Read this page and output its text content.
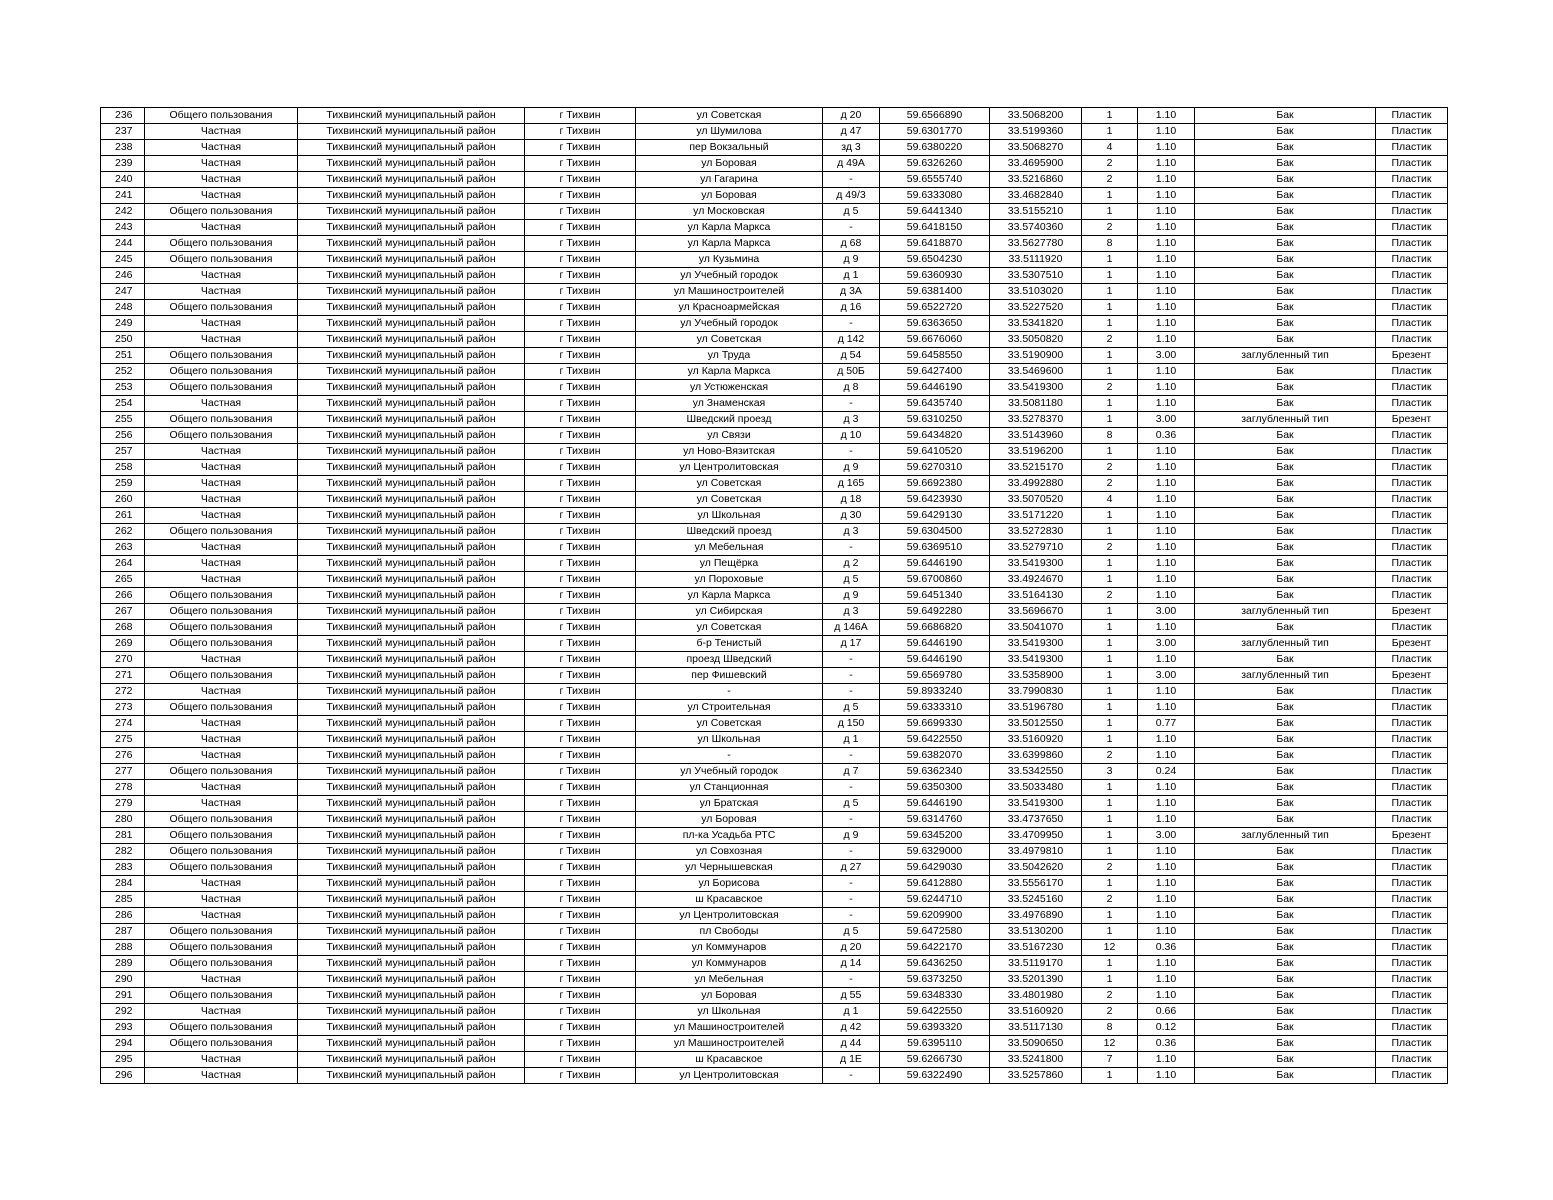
236	Общего пользования	Тихвинский муниципальный район	г Тихвин	ул Советская	д 20	59.6566890	33.5068200	1	1.10	Бак	Пластик
237	Частная	Тихвинский муниципальный район	г Тихвин	ул Шумилова	д 47	59.6301770	33.5199360	1	1.10	Бак	Пластик
238	Частная	Тихвинский муниципальный район	г Тихвин	пер Вокзальный	зд 3	59.6380220	33.5068270	4	1.10	Бак	Пластик
239	Частная	Тихвинский муниципальный район	г Тихвин	ул Боровая	д 49А	59.6326260	33.4695900	2	1.10	Бак	Пластик
240	Частная	Тихвинский муниципальный район	г Тихвин	ул Гагарина	-	59.6555740	33.5216860	2	1.10	Бак	Пластик
241	Частная	Тихвинский муниципальный район	г Тихвин	ул Боровая	д 49/3	59.6333080	33.4682840	1	1.10	Бак	Пластик
242	Общего пользования	Тихвинский муниципальный район	г Тихвин	ул Московская	д 5	59.6441340	33.5155210	1	1.10	Бак	Пластик
243	Частная	Тихвинский муниципальный район	г Тихвин	ул Карла Маркса	-	59.6418150	33.5740360	2	1.10	Бак	Пластик
244	Общего пользования	Тихвинский муниципальный район	г Тихвин	ул Карла Маркса	д 68	59.6418870	33.5627780	8	1.10	Бак	Пластик
245	Общего пользования	Тихвинский муниципальный район	г Тихвин	ул Кузьмина	д 9	59.6504230	33.5111920	1	1.10	Бак	Пластик
246	Частная	Тихвинский муниципальный район	г Тихвин	ул Учебный городок	д 1	59.6360930	33.5307510	1	1.10	Бак	Пластик
247	Частная	Тихвинский муниципальный район	г Тихвин	ул Машиностроителей	д 3А	59.6381400	33.5103020	1	1.10	Бак	Пластик
248	Общего пользования	Тихвинский муниципальный район	г Тихвин	ул Красноармейская	д 16	59.6522720	33.5227520	1	1.10	Бак	Пластик
249	Частная	Тихвинский муниципальный район	г Тихвин	ул Учебный городок	-	59.6363650	33.5341820	1	1.10	Бак	Пластик
250	Частная	Тихвинский муниципальный район	г Тихвин	ул Советская	д 142	59.6676060	33.5050820	2	1.10	Бак	Пластик
251	Общего пользования	Тихвинский муниципальный район	г Тихвин	ул Труда	д 54	59.6458550	33.5190900	1	3.00	заглубленный тип	Брезент
252	Общего пользования	Тихвинский муниципальный район	г Тихвин	ул Карла Маркса	д 50Б	59.6427400	33.5469600	1	1.10	Бак	Пластик
253	Общего пользования	Тихвинский муниципальный район	г Тихвин	ул Устюженская	д 8	59.6446190	33.5419300	2	1.10	Бак	Пластик
254	Частная	Тихвинский муниципальный район	г Тихвин	ул Знаменская	-	59.6435740	33.5081180	1	1.10	Бак	Пластик
255	Общего пользования	Тихвинский муниципальный район	г Тихвин	Шведский проезд	д 3	59.6310250	33.5278370	1	3.00	заглубленный тип	Брезент
256	Общего пользования	Тихвинский муниципальный район	г Тихвин	ул Связи	д 10	59.6434820	33.5143960	8	0.36	Бак	Пластик
257	Частная	Тихвинский муниципальный район	г Тихвин	ул Ново-Вязитская	-	59.6410520	33.5196200	1	1.10	Бак	Пластик
258	Частная	Тихвинский муниципальный район	г Тихвин	ул Центролитовская	д 9	59.6270310	33.5215170	2	1.10	Бак	Пластик
259	Частная	Тихвинский муниципальный район	г Тихвин	ул Советская	д 165	59.6692380	33.4992880	2	1.10	Бак	Пластик
260	Частная	Тихвинский муниципальный район	г Тихвин	ул Советская	д 18	59.6423930	33.5070520	4	1.10	Бак	Пластик
261	Частная	Тихвинский муниципальный район	г Тихвин	ул Школьная	д 30	59.6429130	33.5171220	1	1.10	Бак	Пластик
262	Общего пользования	Тихвинский муниципальный район	г Тихвин	Шведский проезд	д 3	59.6304500	33.5272830	1	1.10	Бак	Пластик
263	Частная	Тихвинский муниципальный район	г Тихвин	ул Мебельная	-	59.6369510	33.5279710	2	1.10	Бак	Пластик
264	Частная	Тихвинский муниципальный район	г Тихвин	ул Пещёрка	д 2	59.6446190	33.5419300	1	1.10	Бак	Пластик
265	Частная	Тихвинский муниципальный район	г Тихвин	ул Пороховые	д 5	59.6700860	33.4924670	1	1.10	Бак	Пластик
266	Общего пользования	Тихвинский муниципальный район	г Тихвин	ул Карла Маркса	д 9	59.6451340	33.5164130	2	1.10	Бак	Пластик
267	Общего пользования	Тихвинский муниципальный район	г Тихвин	ул Сибирская	д 3	59.6492280	33.5696670	1	3.00	заглубленный тип	Брезент
268	Общего пользования	Тихвинский муниципальный район	г Тихвин	ул Советская	д 146А	59.6686820	33.5041070	1	1.10	Бак	Пластик
269	Общего пользования	Тихвинский муниципальный район	г Тихвин	б-р Тенистый	д 17	59.6446190	33.5419300	1	3.00	заглубленный тип	Брезент
270	Частная	Тихвинский муниципальный район	г Тихвин	проезд Шведский	-	59.6446190	33.5419300	1	1.10	Бак	Пластик
271	Общего пользования	Тихвинский муниципальный район	г Тихвин	пер Фишевский	-	59.6569780	33.5358900	1	3.00	заглубленный тип	Брезент
272	Частная	Тихвинский муниципальный район	г Тихвин	-	-	59.8933240	33.7990830	1	1.10	Бак	Пластик
273	Общего пользования	Тихвинский муниципальный район	г Тихвин	ул Строительная	д 5	59.6333310	33.5196780	1	1.10	Бак	Пластик
274	Частная	Тихвинский муниципальный район	г Тихвин	ул Советская	д 150	59.6699330	33.5012550	1	0.77	Бак	Пластик
275	Частная	Тихвинский муниципальный район	г Тихвин	ул Школьная	д 1	59.6422550	33.5160920	1	1.10	Бак	Пластик
276	Частная	Тихвинский муниципальный район	г Тихвин	-	-	59.6382070	33.6399860	2	1.10	Бак	Пластик
277	Общего пользования	Тихвинский муниципальный район	г Тихвин	ул Учебный городок	д 7	59.6362340	33.5342550	3	0.24	Бак	Пластик
278	Частная	Тихвинский муниципальный район	г Тихвин	ул Станционная	-	59.6350300	33.5033480	1	1.10	Бак	Пластик
279	Частная	Тихвинский муниципальный район	г Тихвин	ул Братская	д 5	59.6446190	33.5419300	1	1.10	Бак	Пластик
280	Общего пользования	Тихвинский муниципальный район	г Тихвин	ул Боровая	-	59.6314760	33.4737650	1	1.10	Бак	Пластик
281	Общего пользования	Тихвинский муниципальный район	г Тихвин	пл-ка Усадьба РТС	д 9	59.6345200	33.4709950	1	3.00	заглубленный тип	Брезент
282	Общего пользования	Тихвинский муниципальный район	г Тихвин	ул Совхозная	-	59.6329000	33.4979810	1	1.10	Бак	Пластик
283	Общего пользования	Тихвинский муниципальный район	г Тихвин	ул Чернышевская	д 27	59.6429030	33.5042620	2	1.10	Бак	Пластик
284	Частная	Тихвинский муниципальный район	г Тихвин	ул Борисова	-	59.6412880	33.5556170	1	1.10	Бак	Пластик
285	Частная	Тихвинский муниципальный район	г Тихвин	ш Красавское	-	59.6244710	33.5245160	2	1.10	Бак	Пластик
286	Частная	Тихвинский муниципальный район	г Тихвин	ул Центролитовская	-	59.6209900	33.4976890	1	1.10	Бак	Пластик
287	Общего пользования	Тихвинский муниципальный район	г Тихвин	пл Свободы	д 5	59.6472580	33.5130200	1	1.10	Бак	Пластик
288	Общего пользования	Тихвинский муниципальный район	г Тихвин	ул Коммунаров	д 20	59.6422170	33.5167230	12	0.36	Бак	Пластик
289	Общего пользования	Тихвинский муниципальный район	г Тихвин	ул Коммунаров	д 14	59.6436250	33.5119170	1	1.10	Бак	Пластик
290	Частная	Тихвинский муниципальный район	г Тихвин	ул Мебельная	-	59.6373250	33.5201390	1	1.10	Бак	Пластик
291	Общего пользования	Тихвинский муниципальный район	г Тихвин	ул Боровая	д 55	59.6348330	33.4801980	2	1.10	Бак	Пластик
292	Частная	Тихвинский муниципальный район	г Тихвин	ул Школьная	д 1	59.6422550	33.5160920	2	0.66	Бак	Пластик
293	Общего пользования	Тихвинский муниципальный район	г Тихвин	ул Машиностроителей	д 42	59.6393320	33.5117130	8	0.12	Бак	Пластик
294	Общего пользования	Тихвинский муниципальный район	г Тихвин	ул Машиностроителей	д 44	59.6395110	33.5090650	12	0.36	Бак	Пластик
295	Частная	Тихвинский муниципальный район	г Тихвин	ш Красавское	д 1Е	59.6266730	33.5241800	7	1.10	Бак	Пластик
296	Частная	Тихвинский муниципальный район	г Тихвин	ул Центролитовская	-	59.6322490	33.5257860	1	1.10	Бак	Пластик
